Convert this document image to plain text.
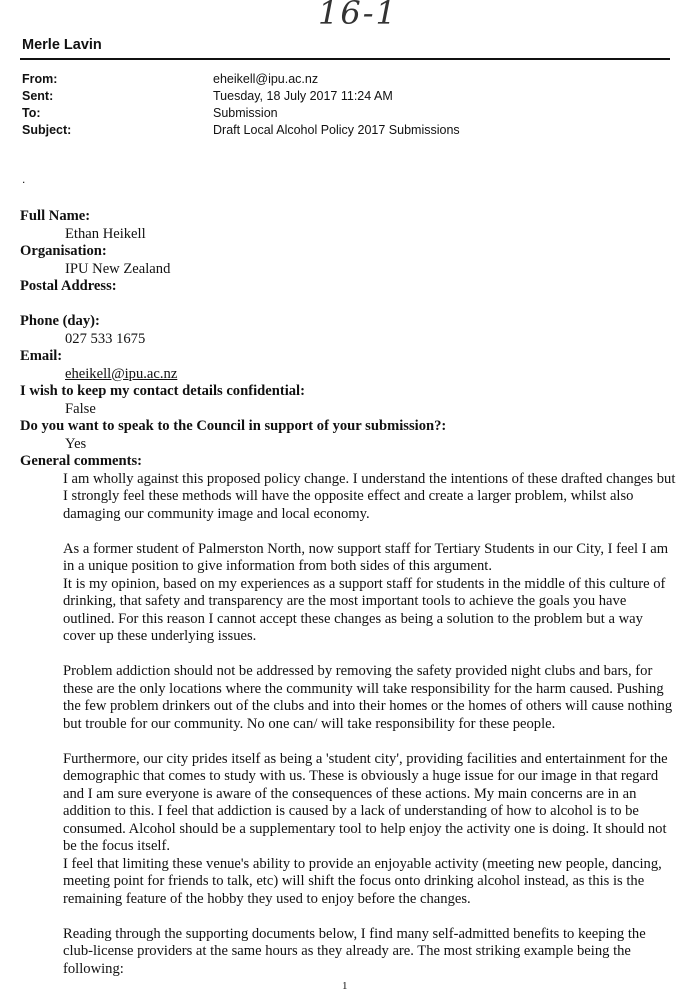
16-1
Merle Lavin
From:	eheikell@ipu.ac.nz
Sent:	Tuesday, 18 July 2017 11:24 AM
To:	Submission
Subject:	Draft Local Alcohol Policy 2017 Submissions
.
Full Name:
Ethan Heikell
Organisation:
IPU New Zealand
Postal Address:
Phone (day):
027 533 1675
Email:
eheikell@ipu.ac.nz
I wish to keep my contact details confidential:
False
Do you want to speak to the Council in support of your submission?:
Yes
General comments:

I am wholly against this proposed policy change. I understand the intentions of these drafted changes but I strongly feel these methods will have the opposite effect and create a larger problem, whilst also damaging our community image and local economy.

As a former student of Palmerston North, now support staff for Tertiary Students in our City, I feel I am in a unique position to give information from both sides of this argument.

It is my opinion, based on my experiences as a support staff for students in the middle of this culture of drinking, that safety and transparency are the most important tools to achieve the goals you have outlined. For this reason I cannot accept these changes as being a solution to the problem but a way cover up these underlying issues.

Problem addiction should not be addressed by removing the safety provided night clubs and bars, for these are the only locations where the community will take responsibility for the harm caused. Pushing the few problem drinkers out of the clubs and into their homes or the homes of others will cause nothing but trouble for our community. No one can/ will take responsibility for these people.

Furthermore, our city prides itself as being a 'student city', providing facilities and entertainment for the demographic that comes to study with us. These is obviously a huge issue for our image in that regard and I am sure everyone is aware of the consequences of these actions. My main concerns are in an addition to this. I feel that addiction is caused by a lack of understanding of how to alcohol is to be consumed. Alcohol should be a supplementary tool to help enjoy the activity one is doing. It should not be the focus itself.

I feel that limiting these venue's ability to provide an enjoyable activity (meeting new people, dancing, meeting point for friends to talk, etc) will shift the focus onto drinking alcohol instead, as this is the remaining feature of the hobby they used to enjoy before the changes.

Reading through the supporting documents below, I find many self-admitted benefits to keeping the club-license providers at the same hours as they already are. The most striking example being the following:

1
